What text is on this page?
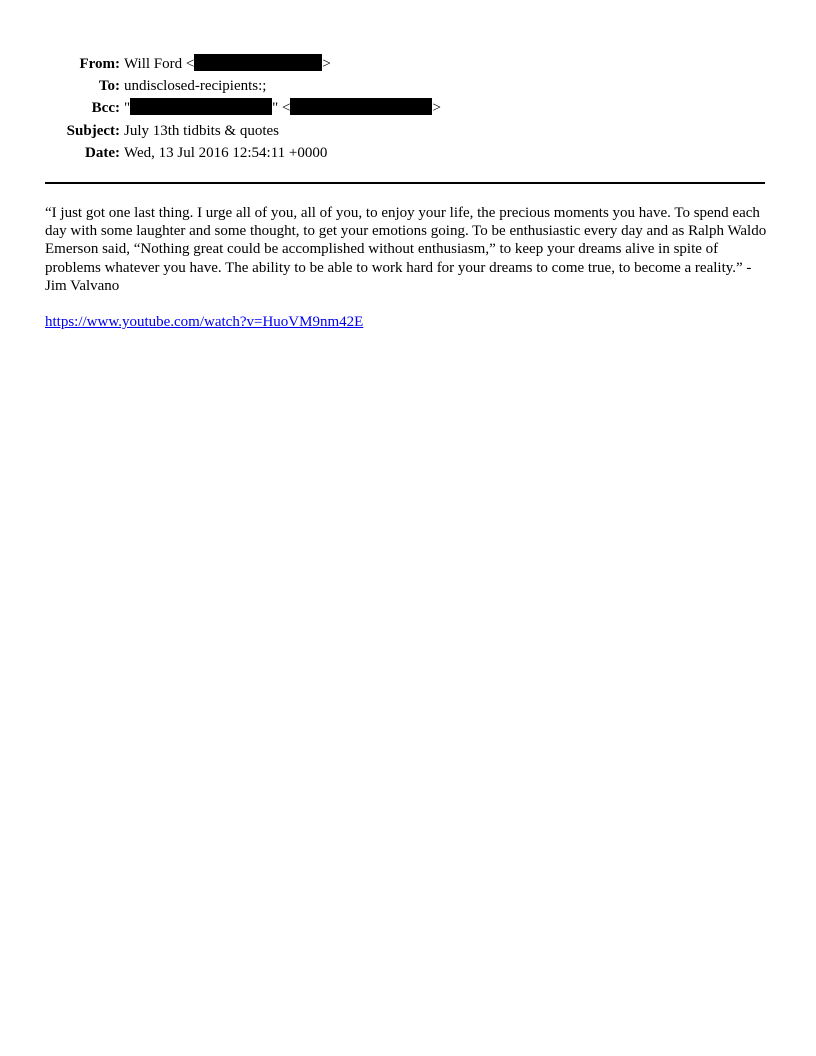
From:	Will Ford < >
To:	undisclosed-recipients:;
Bcc:	" " < >
Subject:	July 13th tidbits & quotes
Date:	Wed, 13 Jul 2016 12:54:11 +0000

“I just got one last thing. I urge all of you, all of you, to enjoy your life, the precious moments you have. To spend each day with some laughter and some thought, to get your emotions going. To be enthusiastic every day and as Ralph Waldo Emerson said, “Nothing great could be accomplished without enthusiasm,” to keep your dreams alive in spite of problems whatever you have. The ability to be able to work hard for your dreams to come true, to become a reality.” - Jim Valvano

https://www.youtube.com/watch?v=HuoVM9nm42E
